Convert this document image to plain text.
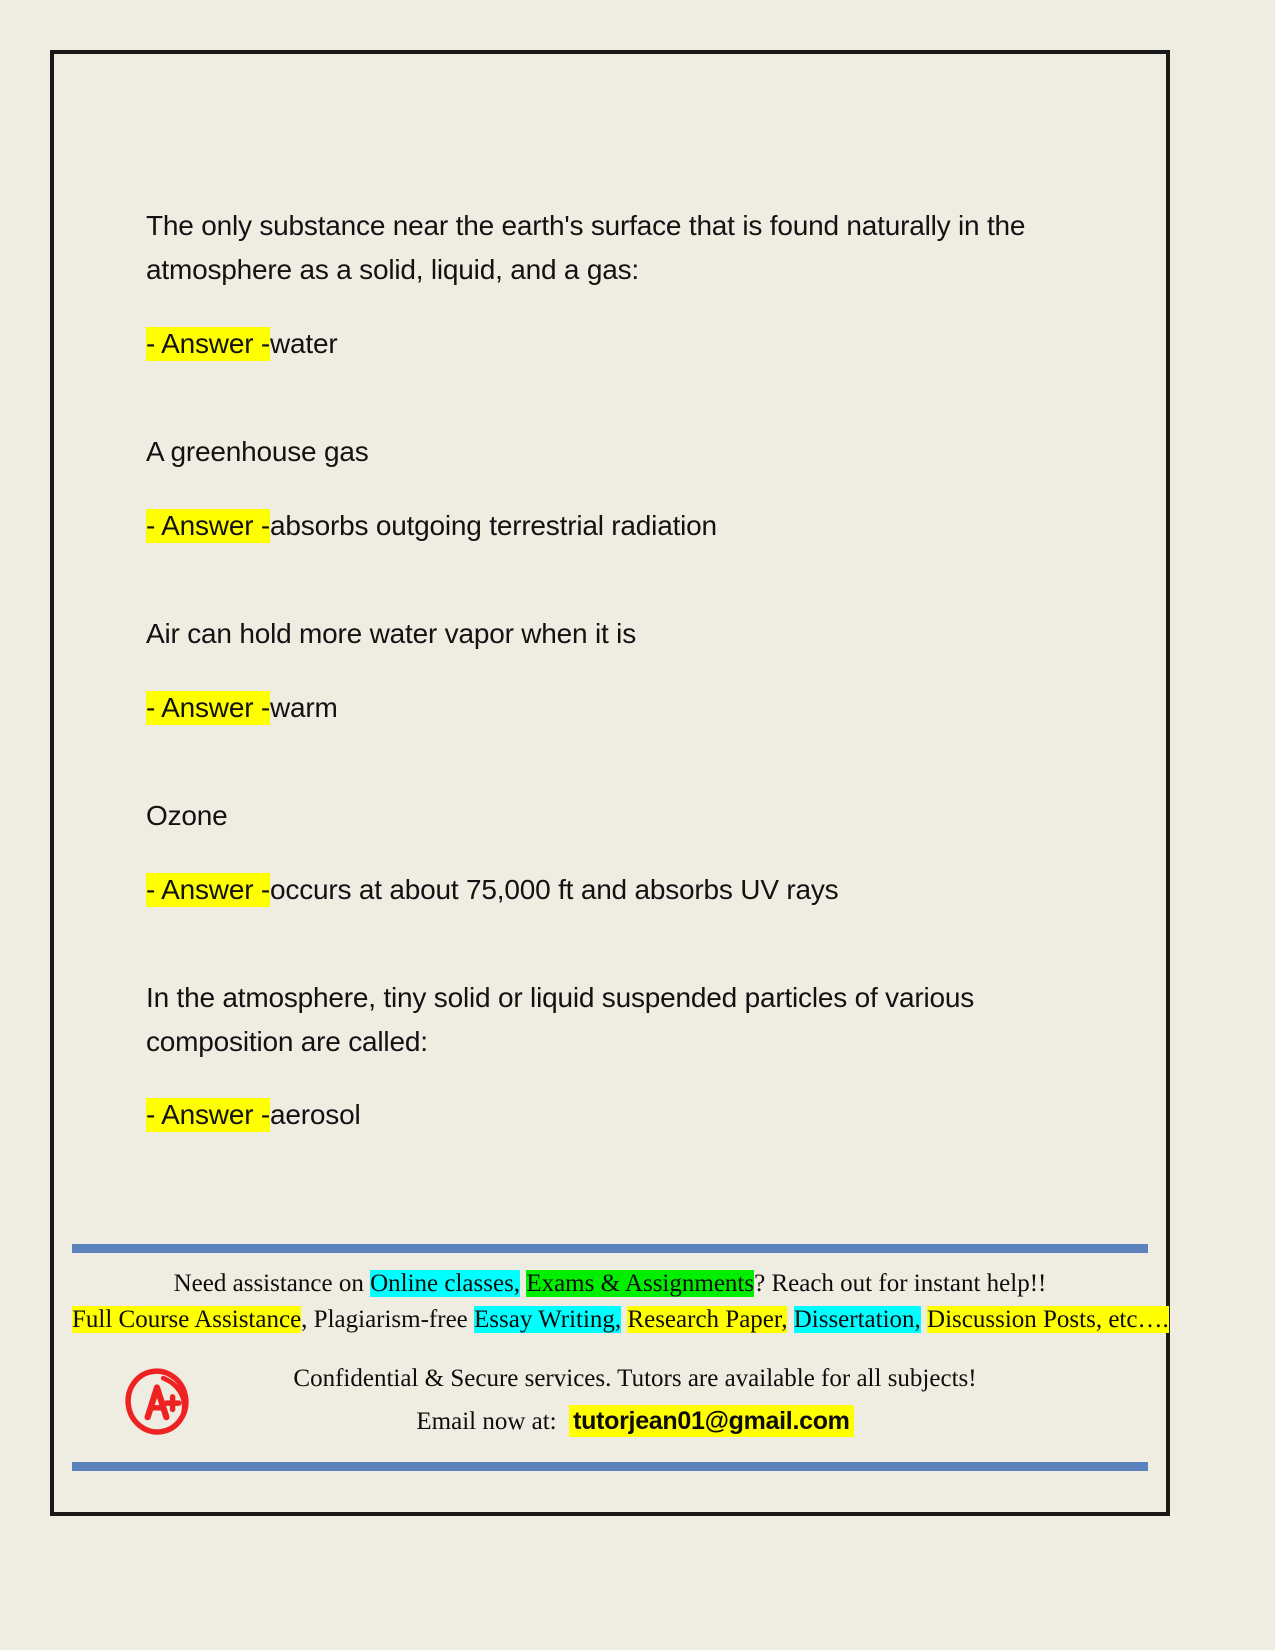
The only substance near the earth's surface that is found naturally in the atmosphere as a solid, liquid, and a gas:
- Answer -water
A greenhouse gas
- Answer -absorbs outgoing terrestrial radiation
Air can hold more water vapor when it is
- Answer -warm
Ozone
- Answer -occurs at about 75,000 ft and absorbs UV rays
In the atmosphere, tiny solid or liquid suspended particles of various composition are called:
- Answer -aerosol
Need assistance on Online classes, Exams & Assignments? Reach out for instant help!!
Full Course Assistance, Plagiarism-free Essay Writing, Research Paper, Dissertation, Discussion Posts, etc….
Confidential & Secure services. Tutors are available for all subjects!
Email now at: tutorjean01@gmail.com
